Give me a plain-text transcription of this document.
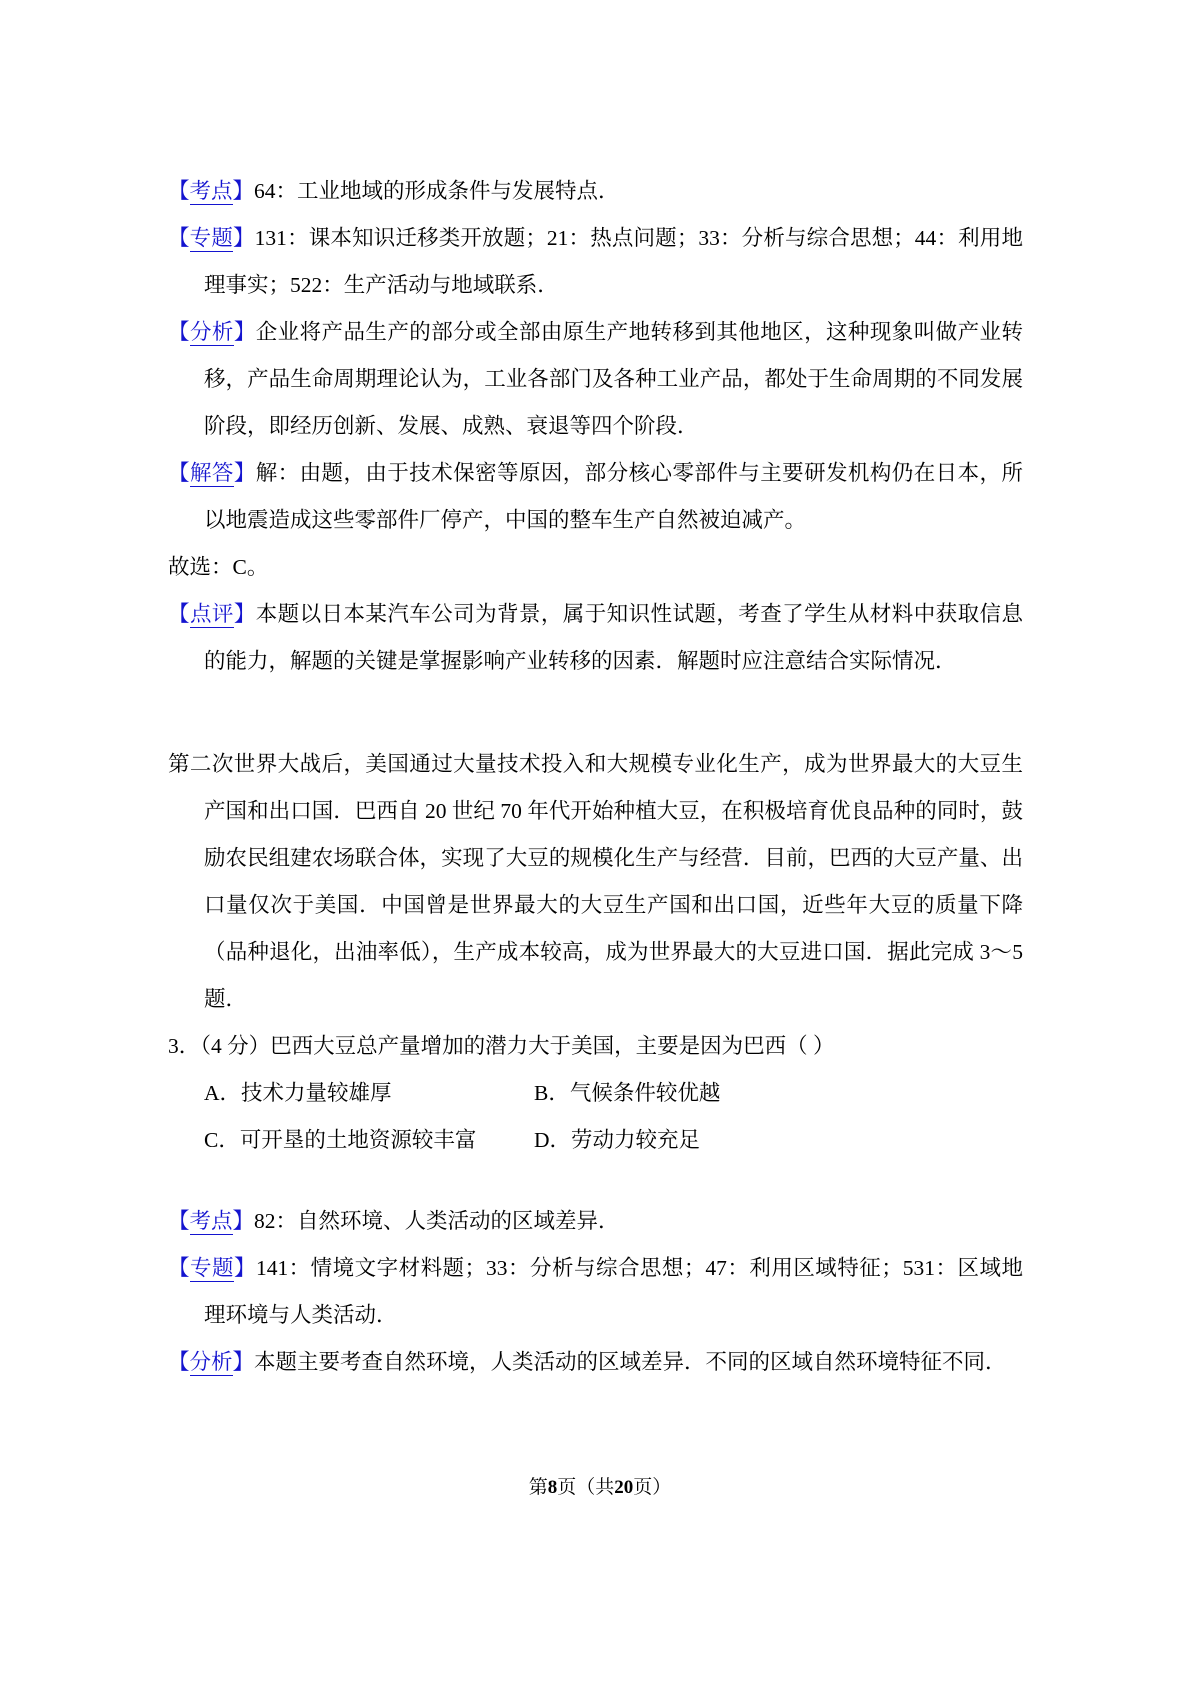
【考点】64：工业地域的形成条件与发展特点．
【专题】131：课本知识迁移类开放题；21：热点问题；33：分析与综合思想；44：利用地理事实；522：生产活动与地域联系．
【分析】企业将产品生产的部分或全部由原生产地转移到其他地区，这种现象叫做产业转移，产品生命周期理论认为，工业各部门及各种工业产品，都处于生命周期的不同发展阶段，即经历创新、发展、成熟、衰退等四个阶段．
【解答】解：由题，由于技术保密等原因，部分核心零部件与主要研发机构仍在日本，所以地震造成这些零部件厂停产，中国的整车生产自然被迫减产。
故选：C。
【点评】本题以日本某汽车公司为背景，属于知识性试题，考查了学生从材料中获取信息的能力，解题的关键是掌握影响产业转移的因素．解题时应注意结合实际情况．
第二次世界大战后，美国通过大量技术投入和大规模专业化生产，成为世界最大的大豆生产国和出口国．巴西自 20 世纪 70 年代开始种植大豆，在积极培育优良品种的同时，鼓励农民组建农场联合体，实现了大豆的规模化生产与经营．目前，巴西的大豆产量、出口量仅次于美国．中国曾是世界最大的大豆生产国和出口国，近些年大豆的质量下降（品种退化，出油率低），生产成本较高，成为世界最大的大豆进口国．据此完成 3～5 题．
3．（4 分）巴西大豆总产量增加的潜力大于美国，主要是因为巴西（ ）
A．技术力量较雄厚	B．气候条件较优越
C．可开垦的土地资源较丰富	D．劳动力较充足
【考点】82：自然环境、人类活动的区域差异．
【专题】141：情境文字材料题；33：分析与综合思想；47：利用区域特征；531：区域地理环境与人类活动．
【分析】本题主要考查自然环境，人类活动的区域差异．不同的区域自然环境特征不同．
第8页（共20页）
